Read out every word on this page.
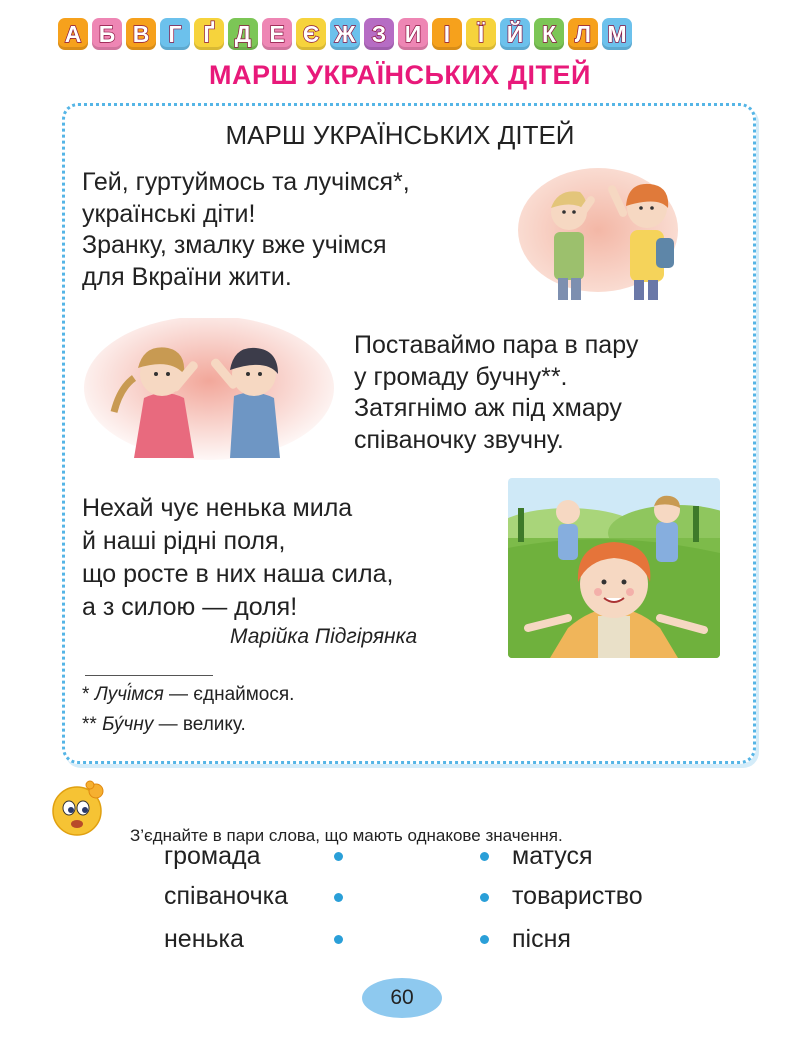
А Б В Г Ґ Д Е Є Ж З И І Ї Й К Л М
МАРШ УКРАЇНСЬКИХ ДІТЕЙ
МАРШ УКРАЇНСЬКИХ ДІТЕЙ
Гей, гуртуймось та лучімся*,
українські діти!
Зранку, змалку вже учімся
для Вкраїни жити.
Поставаймо пара в пару
у громаду бучну**.
Затягнімо аж під хмару
співаночку звучну.
Нехай чує ненька мила
й наші рідні поля,
що росте в них наша сила,
а з силою — доля!
Марійка Підгірянка
* Лучі́мся — єднаймося.
** Бу́чну — велику.
З’єднайте в пари слова, що мають однакове значення.
громада
співаночка
ненька
матуся
товариство
пісня
60
